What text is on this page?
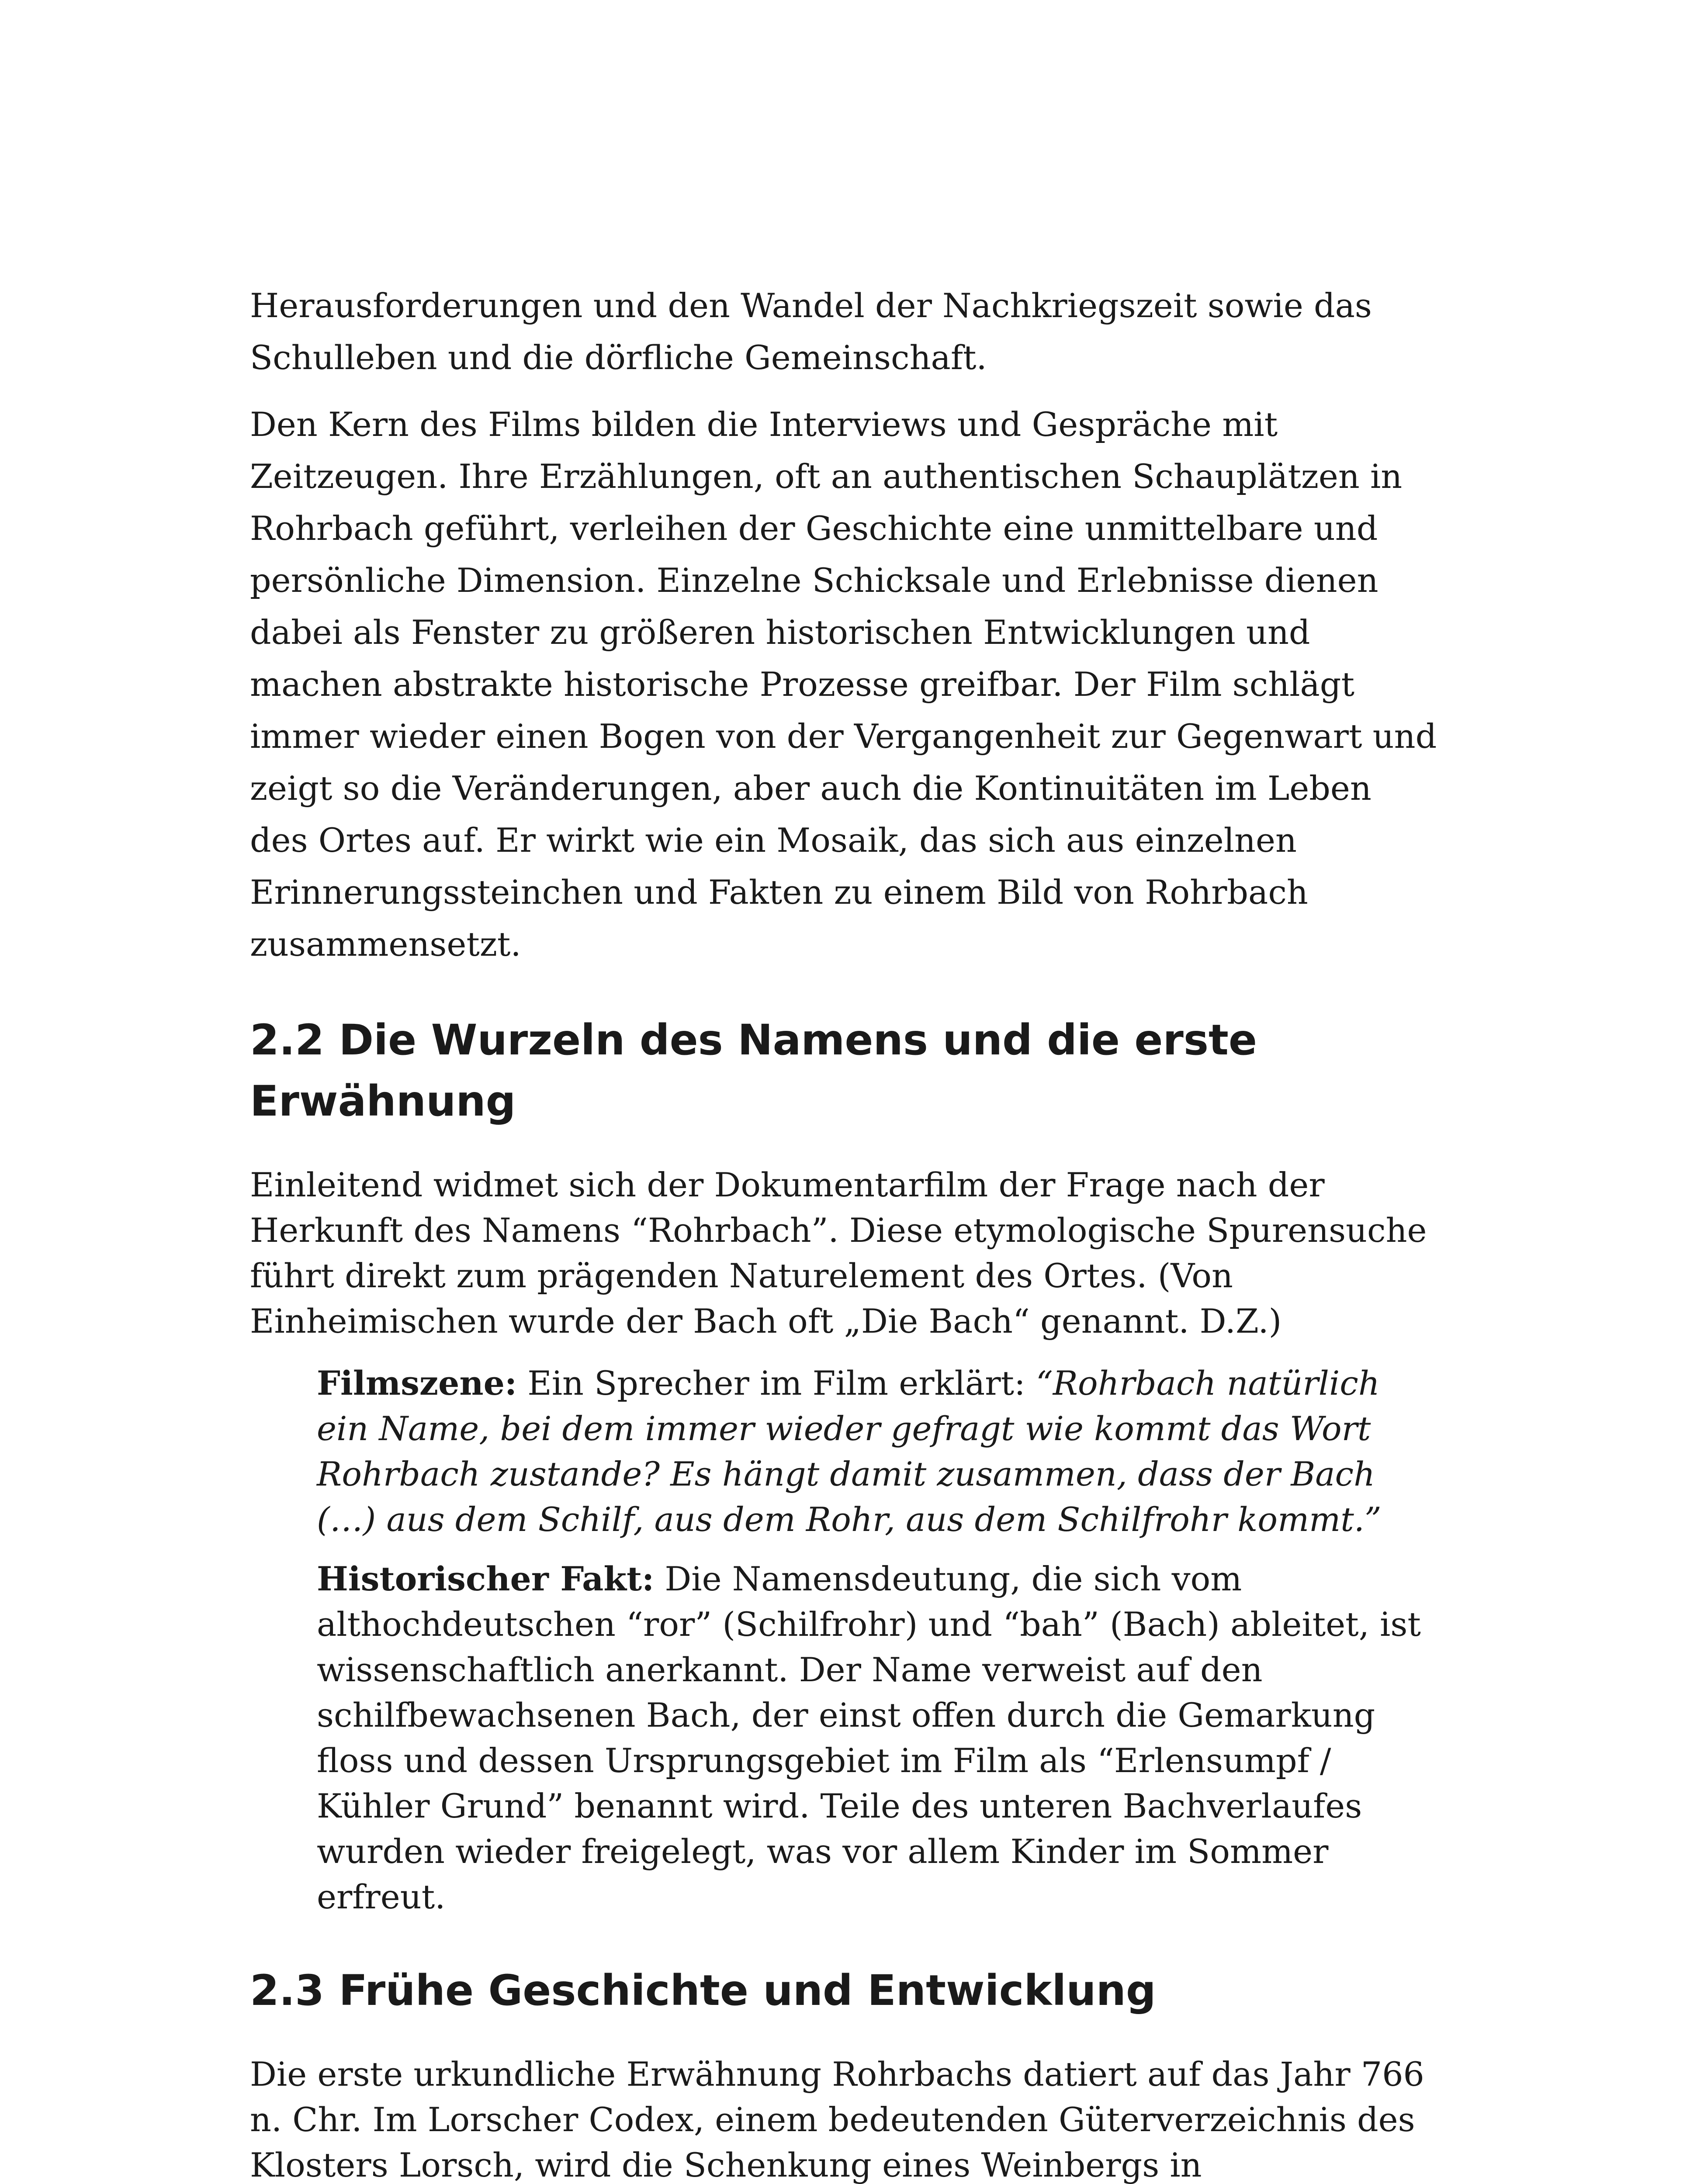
Herausforderungen und den Wandel der Nachkriegszeit sowie das Schulleben und die dörfliche Gemeinschaft.

Den Kern des Films bilden die Interviews und Gespräche mit Zeitzeugen. Ihre Erzählungen, oft an authentischen Schauplätzen in Rohrbach geführt, verleihen der Geschichte eine unmittelbare und persönliche Dimension. Einzelne Schicksale und Erlebnisse dienen dabei als Fenster zu größeren historischen Entwicklungen und machen abstrakte historische Prozesse greifbar. Der Film schlägt immer wieder einen Bogen von der Vergangenheit zur Gegenwart und zeigt so die Veränderungen, aber auch die Kontinuitäten im Leben des Ortes auf. Er wirkt wie ein Mosaik, das sich aus einzelnen Erinnerungssteinchen und Fakten zu einem Bild von Rohrbach zusammensetzt.

2.2 Die Wurzeln des Namens und die erste Erwähnung

Einleitend widmet sich der Dokumentarfilm der Frage nach der Herkunft des Namens “Rohrbach”. Diese etymologische Spurensuche führt direkt zum prägenden Naturelement des Ortes. (Von Einheimischen wurde der Bach oft „Die Bach“ genannt. D.Z.)

Filmszene: Ein Sprecher im Film erklärt: “Rohrbach natürlich ein Name, bei dem immer wieder gefragt wie kommt das Wort Rohrbach zustande? Es hängt damit zusammen, dass der Bach (…) aus dem Schilf, aus dem Rohr, aus dem Schilfrohr kommt.”

Historischer Fakt: Die Namensdeutung, die sich vom althochdeutschen “ror” (Schilfrohr) und “bah” (Bach) ableitet, ist wissenschaftlich anerkannt. Der Name verweist auf den schilfbewachsenen Bach, der einst offen durch die Gemarkung floss und dessen Ursprungsgebiet im Film als “Erlensumpf / Kühler Grund” benannt wird. Teile des unteren Bachverlaufes wurden wieder freigelegt, was vor allem Kinder im Sommer erfreut.

2.3 Frühe Geschichte und Entwicklung

Die erste urkundliche Erwähnung Rohrbachs datiert auf das Jahr 766 n. Chr. Im Lorscher Codex, einem bedeutenden Güterverzeichnis des Klosters Lorsch, wird die Schenkung eines Weinbergs in
